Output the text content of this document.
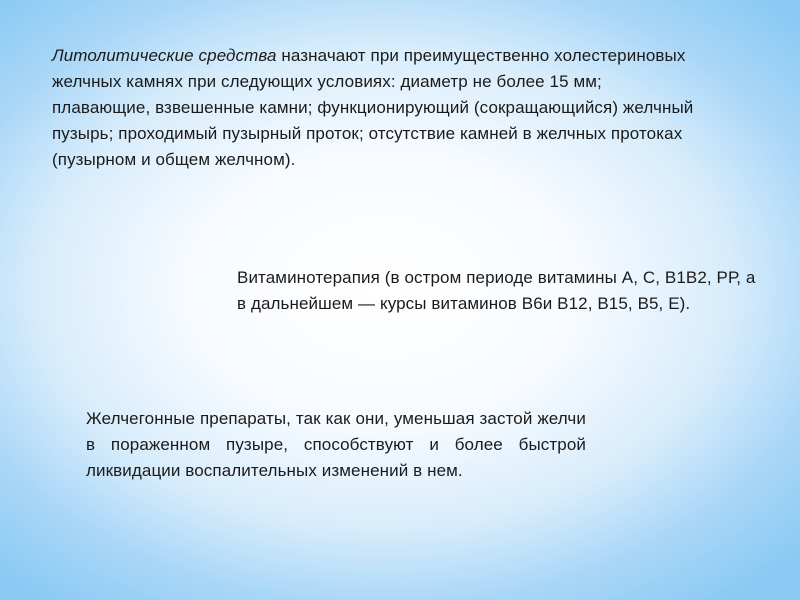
Литолитические средства назначают при преимущественно холестериновых желчных камнях при следующих условиях: диаметр не более 15 мм; плавающие, взвешенные камни; функционирующий (сокращающийся) желчный пузырь; проходимый пузырный проток; отсутствие камней в желчных протоках (пузырном и общем желчном).
Витаминотерапия (в остром периоде витамины А, С, В1В2, РР, а в дальнейшем — курсы витаминов В6и В12, В15, В5, Е).
Желчегонные препараты, так как они, уменьшая застой желчи в пораженном пузыре, способствуют и более быстрой ликвидации воспалительных изменений в нем.
